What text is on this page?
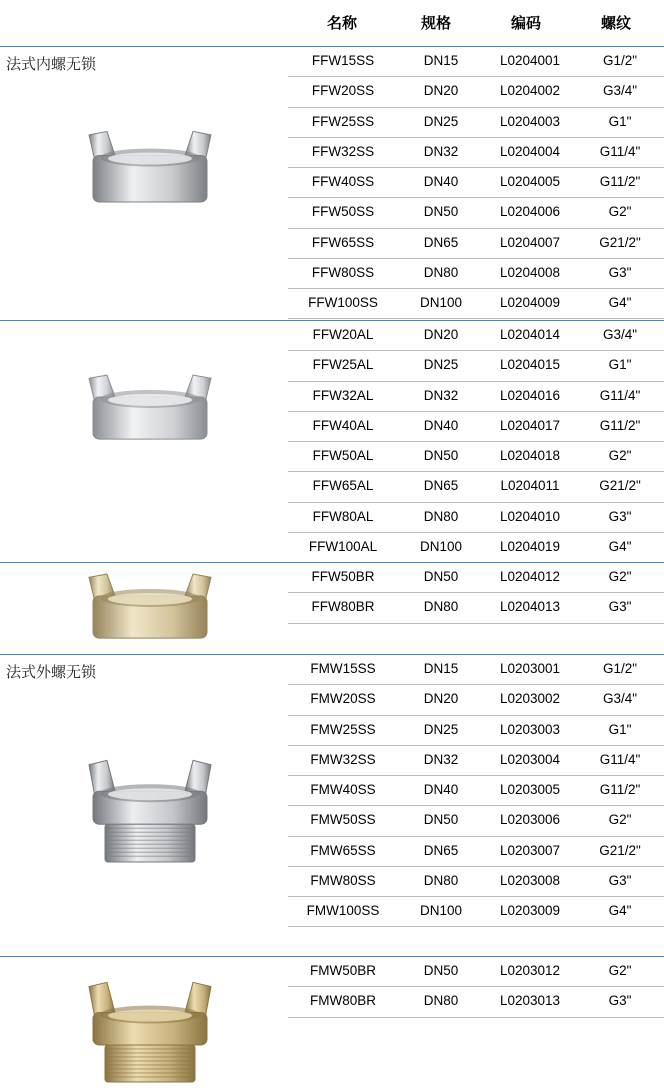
名称	规格	编码	螺纹
法式内螺无锁	FFW15SS	DN15	L0204001	G1/2"
FFW20SS	DN20	L0204002	G3/4"
FFW25SS	DN25	L0204003	G1"
FFW32SS	DN32	L0204004	G11/4"
FFW40SS	DN40	L0204005	G11/2"
FFW50SS	DN50	L0204006	G2"
FFW65SS	DN65	L0204007	G21/2"
FFW80SS	DN80	L0204008	G3"
FFW100SS	DN100	L0204009	G4"
FFW20AL	DN20	L0204014	G3/4"
FFW25AL	DN25	L0204015	G1"
FFW32AL	DN32	L0204016	G11/4"
FFW40AL	DN40	L0204017	G11/2"
FFW50AL	DN50	L0204018	G2"
FFW65AL	DN65	L0204011	G21/2"
FFW80AL	DN80	L0204010	G3"
FFW100AL	DN100	L0204019	G4"
FFW50BR	DN50	L0204012	G2"
FFW80BR	DN80	L0204013	G3"
法式外螺无锁	FMW15SS	DN15	L0203001	G1/2"
FMW20SS	DN20	L0203002	G3/4"
FMW25SS	DN25	L0203003	G1"
FMW32SS	DN32	L0203004	G11/4"
FMW40SS	DN40	L0203005	G11/2"
FMW50SS	DN50	L0203006	G2"
FMW65SS	DN65	L0203007	G21/2"
FMW80SS	DN80	L0203008	G3"
FMW100SS	DN100	L0203009	G4"
FMW50BR	DN50	L0203012	G2"
FMW80BR	DN80	L0203013	G3"
